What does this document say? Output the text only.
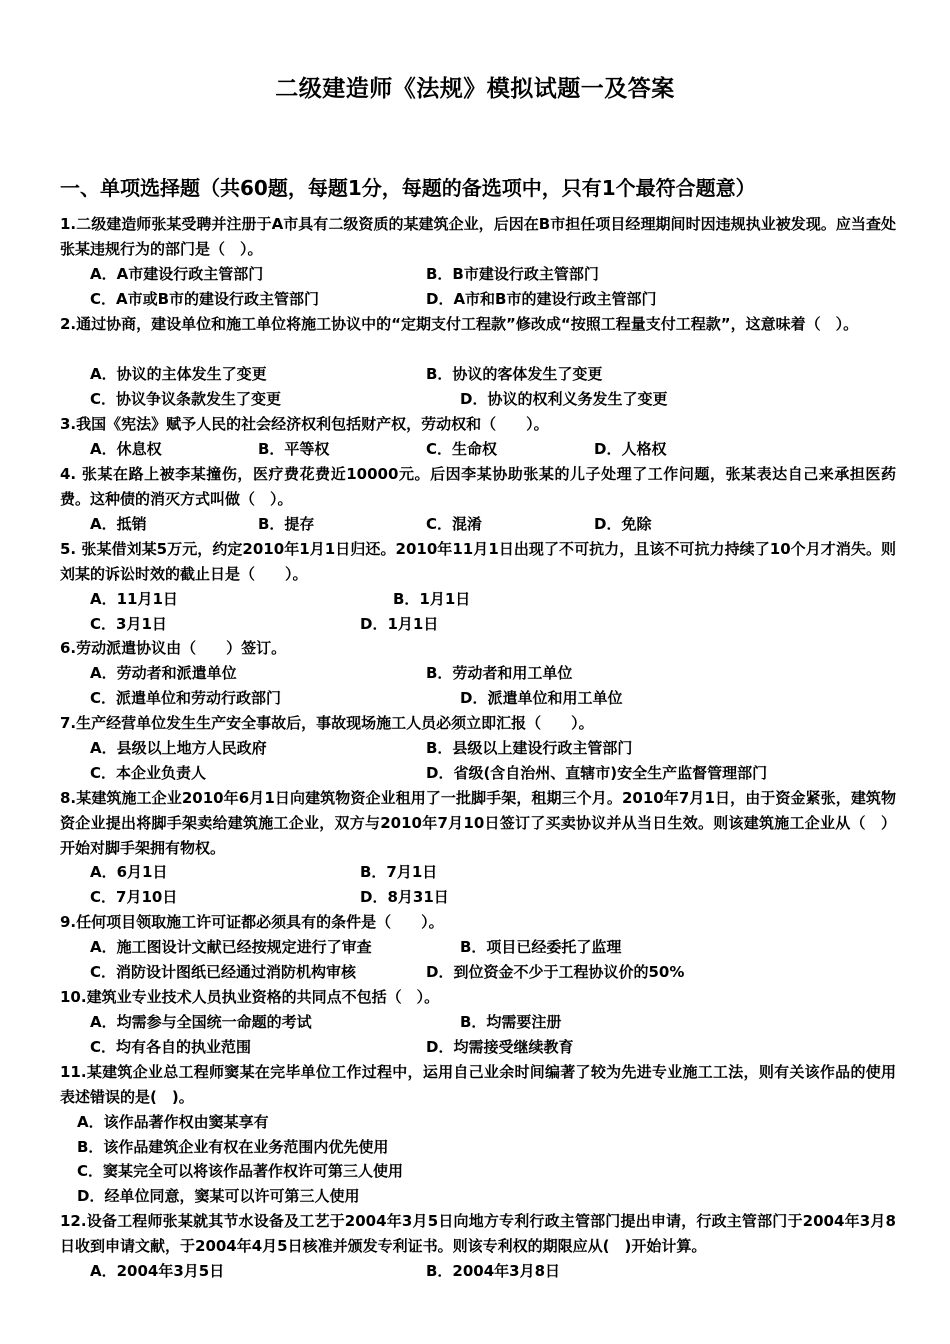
二级建造师《法规》模拟试题一及答案
一、单项选择题（共60题，每题1分，每题的备选项中，只有1个最符合题意）
1.二级建造师张某受聘并注册于A市具有二级资质的某建筑企业，后因在B市担任项目经理期间时因违规执业被发现。应当查处张某违规行为的部门是（　）。
A．A市建设行政主管部门	B．B市建设行政主管部门
C．A市或B市的建设行政主管部门	D．A市和B市的建设行政主管部门
2.通过协商，建设单位和施工单位将施工协议中的“定期支付工程款”修改成“按照工程量支付工程款”，这意味着（　）。
A．协议的主体发生了变更	B．协议的客体发生了变更
C．协议争议条款发生了变更	D．协议的权利义务发生了变更
3.我国《宪法》赋予人民的社会经济权利包括财产权，劳动权和（　　）。
A．休息权	B．平等权	C．生命权	D．人格权
4. 张某在路上被李某撞伤，医疗费花费近10000元。后因李某协助张某的儿子处理了工作问题，张某表达自己来承担医药费。这种债的消灭方式叫做（　）。
A．抵销	B．提存	C．混淆	D．免除
5. 张某借刘某5万元，约定2010年1月1日归还。2010年11月1日出现了不可抗力，且该不可抗力持续了10个月才消失。则刘某的诉讼时效的截止日是（　　）。
A．11月1日	B．1月1日
C．3月1日	D．1月1日
6.劳动派遣协议由（　　）签订。
A．劳动者和派遣单位	B．劳动者和用工单位
C．派遣单位和劳动行政部门	D．派遣单位和用工单位
7.生产经营单位发生生产安全事故后，事故现场施工人员必须立即汇报（　　）。
A．县级以上地方人民政府	B．县级以上建设行政主管部门
C．本企业负责人	D．省级(含自治州、直辖市)安全生产监督管理部门
8.某建筑施工企业2010年6月1日向建筑物资企业租用了一批脚手架，租期三个月。2010年7月1日，由于资金紧张，建筑物资企业提出将脚手架卖给建筑施工企业，双方与2010年7月10日签订了买卖协议并从当日生效。则该建筑施工企业从（　）开始对脚手架拥有物权。
A．6月1日	B．7月1日
C．7月10日	D．8月31日
9.任何项目领取施工许可证都必须具有的条件是（　　）。
A．施工图设计文献已经按规定进行了审查	B．项目已经委托了监理
C．消防设计图纸已经通过消防机构审核	D．到位资金不少于工程协议价的50%
10.建筑业专业技术人员执业资格的共同点不包括（　）。
A．均需参与全国统一命题的考试	B．均需要注册
C．均有各自的执业范围	D．均需接受继续教育
11.某建筑企业总工程师窦某在完毕单位工作过程中，运用自己业余时间编著了较为先进专业施工工法，则有关该作品的使用表述错误的是(　)。
A．该作品著作权由窦某享有
B．该作品建筑企业有权在业务范围内优先使用
C．窦某完全可以将该作品著作权许可第三人使用
D．经单位同意，窦某可以许可第三人使用
12.设备工程师张某就其节水设备及工艺于2004年3月5日向地方专利行政主管部门提出申请，行政主管部门于2004年3月8日收到申请文献，于2004年4月5日核准并颁发专利证书。则该专利权的期限应从(　)开始计算。
A．2004年3月5日	B．2004年3月8日
